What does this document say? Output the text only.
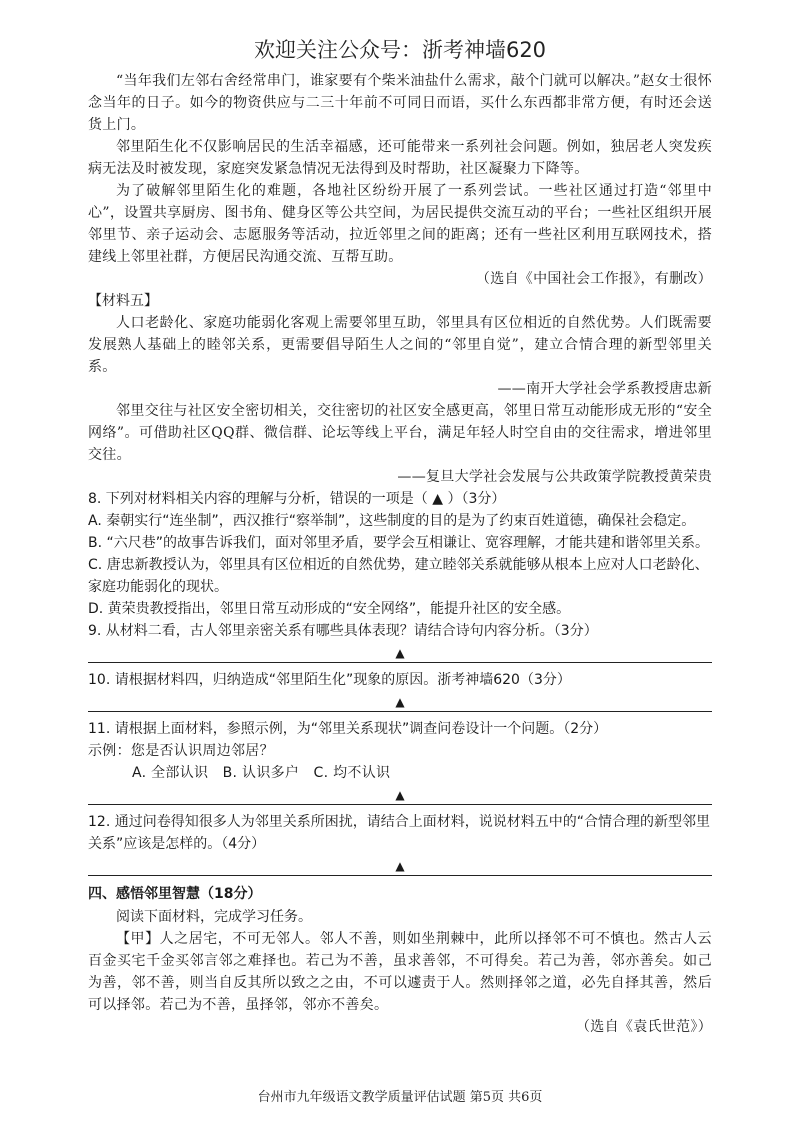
欢迎关注公众号：浙考神墙620

“当年我们左邻右舍经常串门，谁家要有个柴米油盐什么需求，敲个门就可以解决。”赵女士很怀念当年的日子。如今的物资供应与二三十年前不可同日而语，买什么东西都非常方便，有时还会送货上门。

邻里陌生化不仅影响居民的生活幸福感，还可能带来一系列社会问题。例如，独居老人突发疾病无法及时被发现，家庭突发紧急情况无法得到及时帮助，社区凝聚力下降等。

为了破解邻里陌生化的难题，各地社区纷纷开展了一系列尝试。一些社区通过打造“邻里中心”，设置共享厨房、图书角、健身区等公共空间，为居民提供交流互动的平台；一些社区组织开展邻里节、亲子运动会、志愿服务等活动，拉近邻里之间的距离；还有一些社区利用互联网技术，搭建线上邻里社群，方便居民沟通交流、互帮互助。

（选自《中国社会工作报》，有删改）

【材料五】

人口老龄化、家庭功能弱化客观上需要邻里互助，邻里具有区位相近的自然优势。人们既需要发展熟人基础上的睦邻关系，更需要倡导陌生人之间的“邻里自觉”，建立合情合理的新型邻里关系。

——南开大学社会学系教授唐忠新

邻里交往与社区安全密切相关，交往密切的社区安全感更高，邻里日常互动能形成无形的“安全网络”。可借助社区QQ群、微信群、论坛等线上平台，满足年轻人时空自由的交往需求，增进邻里交往。

——复旦大学社会发展与公共政策学院教授黄荣贵

8. 下列对材料相关内容的理解与分析，错误的一项是（ ▲ ）（3分）

A. 秦朝实行“连坐制”，西汉推行“察举制”，这些制度的目的是为了约束百姓道德，确保社会稳定。

B. “六尺巷”的故事告诉我们，面对邻里矛盾，要学会互相谦让、宽容理解，才能共建和谐邻里关系。

C. 唐忠新教授认为，邻里具有区位相近的自然优势，建立睦邻关系就能够从根本上应对人口老龄化、家庭功能弱化的现状。

D. 黄荣贵教授指出，邻里日常互动形成的“安全网络”，能提升社区的安全感。

9. 从材料二看，古人邻里亲密关系有哪些具体表现？请结合诗句内容分析。（3分）

▲

10. 请根据材料四，归纳造成“邻里陌生化”现象的原因。浙考神墙620（3分）

▲

11. 请根据上面材料，参照示例，为“邻里关系现状”调查问卷设计一个问题。（2分）

示例：您是否认识周边邻居？

A. 全部认识　B. 认识多户　C. 均不认识

▲

12. 通过问卷得知很多人为邻里关系所困扰，请结合上面材料，说说材料五中的“合情合理的新型邻里关系”应该是怎样的。（4分）

▲

四、感悟邻里智慧（18分）

阅读下面材料，完成学习任务。

【甲】人之居宅，不可无邻人。邻人不善，则如坐荆棘中，此所以择邻不可不慎也。然古人云百金买宅千金买邻言邻之难择也。若己为不善，虽求善邻，不可得矣。若己为善，邻亦善矣。如己为善，邻不善，则当自反其所以致之之由，不可以遽责于人。然则择邻之道，必先自择其善，然后可以择邻。若己为不善，虽择邻，邻亦不善矣。

（选自《袁氏世范》）

台州市九年级语文教学质量评估试题 第5页 共6页
